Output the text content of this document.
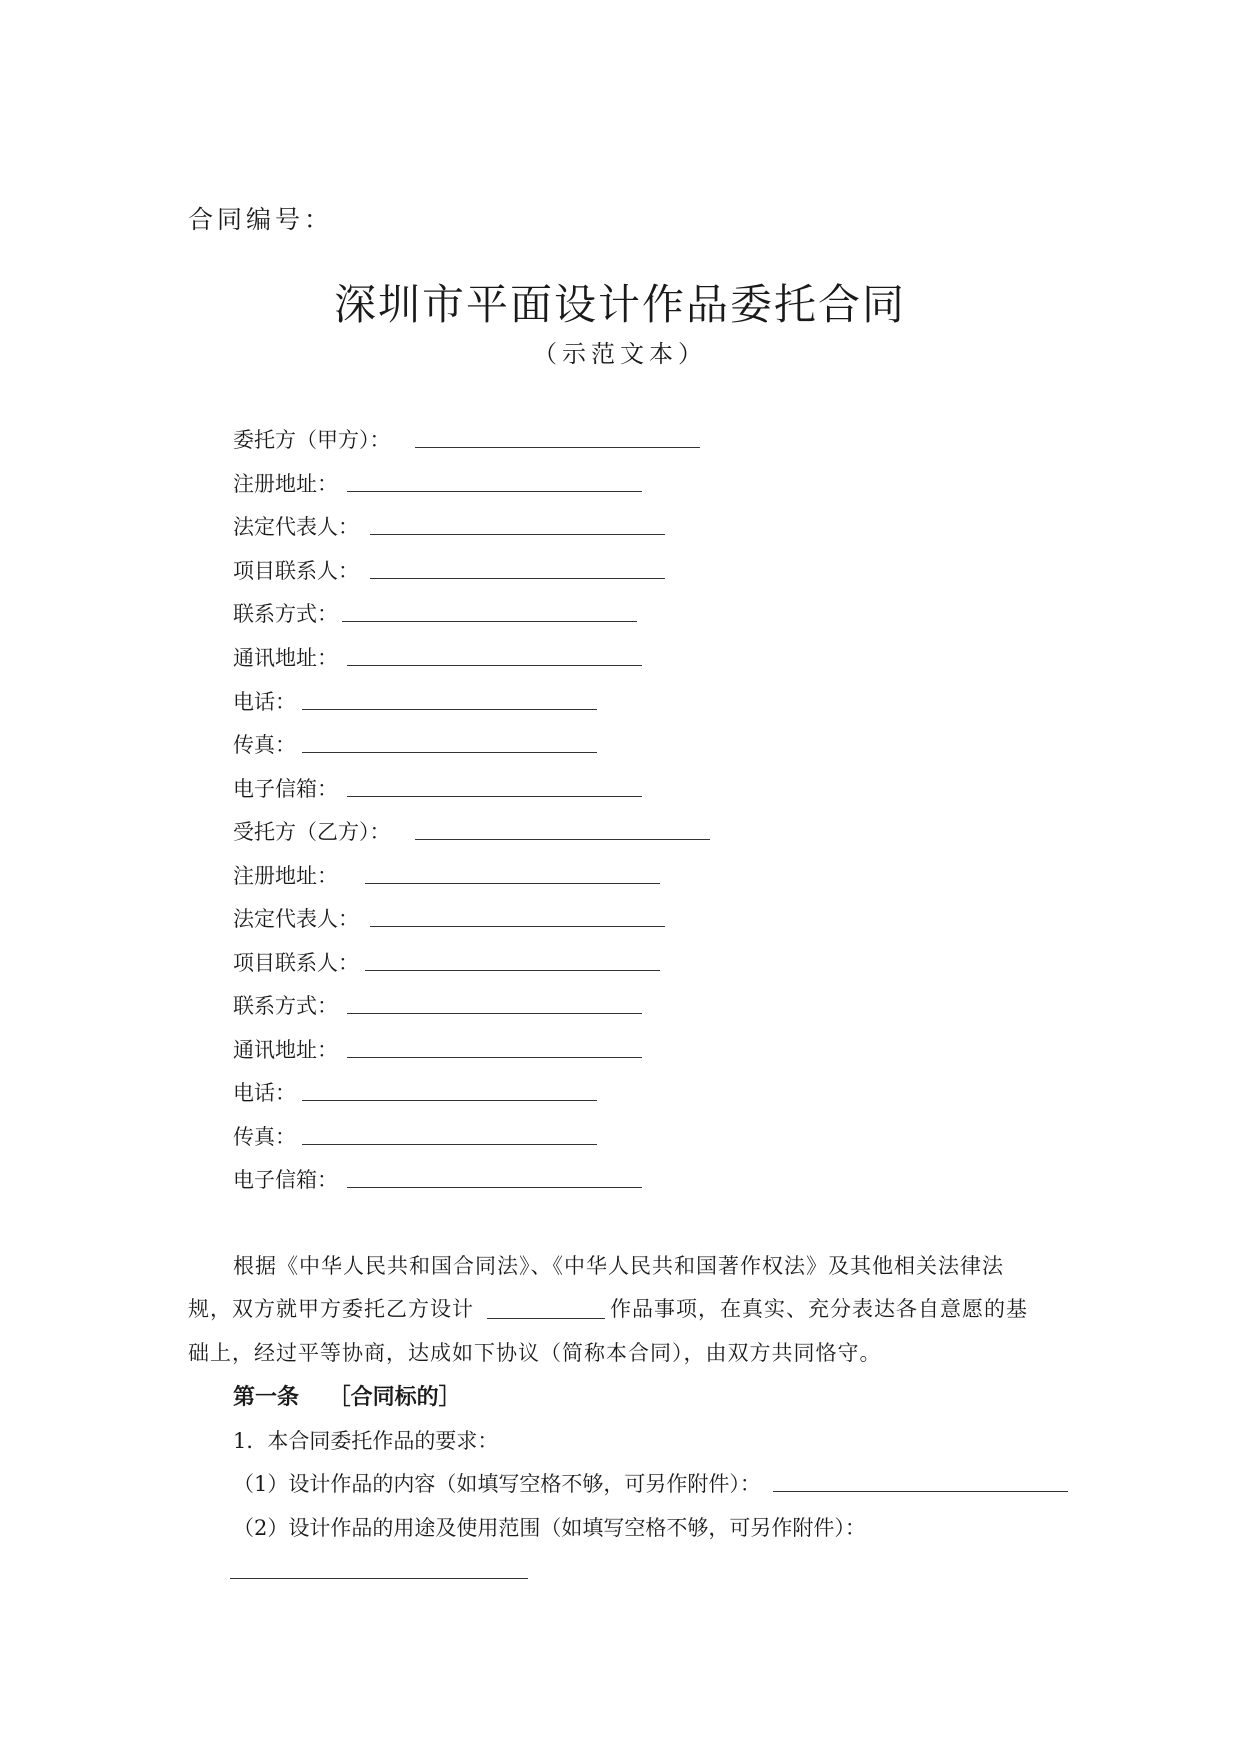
合同编号：
深圳市平面设计作品委托合同
（示范文本）
委托方（甲方）：
注册地址：
法定代表人：
项目联系人：
联系方式：
通讯地址：
电话：
传真：
电子信箱：
受托方（乙方）：
注册地址：
法定代表人：
项目联系人：
联系方式：
通讯地址：
电话：
传真：
电子信箱：
根据《中华人民共和国合同法》、《中华人民共和国著作权法》及其他相关法律法
规，双方就甲方委托乙方设计	作品事项，在真实、充分表达各自意愿的基
础上，经过平等协商，达成如下协议（简称本合同），由双方共同恪守。
第一条　 ［合同标的］
1．本合同委托作品的要求：
（1）设计作品的内容（如填写空格不够，可另作附件）：
（2）设计作品的用途及使用范围（如填写空格不够，可另作附件）：
